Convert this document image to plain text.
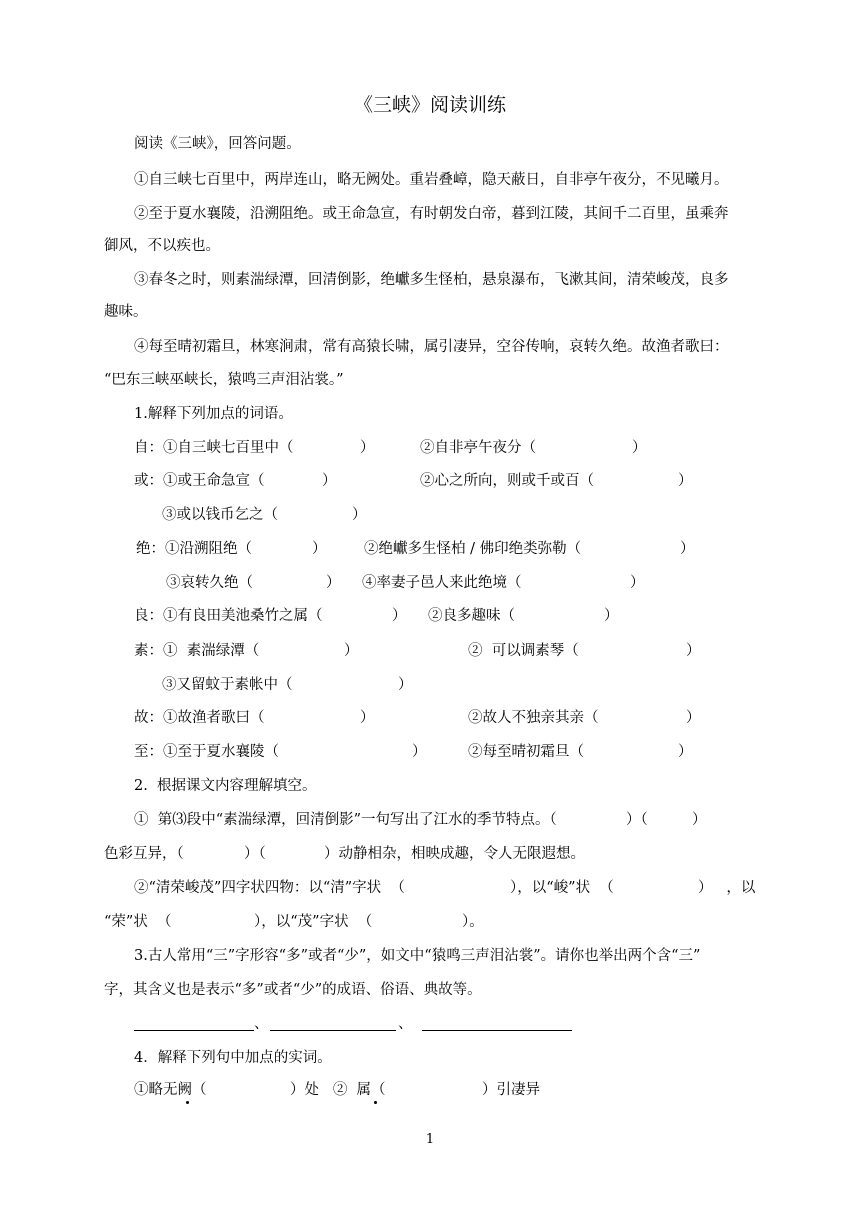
《三峡》阅读训练
阅读《三峡》，回答问题。
①自三峡七百里中，两岸连山，略无阙处。重岩叠嶂，隐天蔽日，自非亭午夜分，不见曦月。
②至于夏水襄陵，沿溯阻绝。或王命急宣，有时朝发白帝，暮到江陵，其间千二百里，虽乘奔
御风，不以疾也。
③春冬之时，则素湍绿潭，回清倒影，绝巘多生怪柏，悬泉瀑布，飞漱其间，清荣峻茂，良多
趣味。
④每至晴初霜旦，林寒涧肃，常有高猿长啸，属引凄异，空谷传响，哀转久绝。故渔者歌曰：
“巴东三峡巫峡长，猿鸣三声泪沾裳。”
1.解释下列加点的词语。
自：①自三峡七百里中（	）	②自非亭午夜分（	）
或：①或王命急宣（	）	②心之所向，则或千或百（	）
③或以钱币乞之（	）
绝：①沿溯阻绝（	）	②绝巘多生怪柏 / 佛印绝类弥勒（	）
③哀转久绝（	） ④率妻子邑人来此绝境（	）
良：①有良田美池桑竹之属（	） ②良多趣味（	）
素：①  素湍绿潭（	）	②  可以调素琴（	）
③又留蚊于素帐中（	）
故：①故渔者歌曰（	）	②故人不独亲其亲（	）
至：①至于夏水襄陵（	）	②每至晴初霜旦（	）
2.  根据课文内容理解填空。
①  第⑶段中“素湍绿潭，回清倒影”一句写出了江水的季节特点。（	）（	）
色彩互异，（	）（	）动静相杂，相映成趣，令人无限遐想。
②“清荣峻茂”四字状四物：以“清”字状  （	），以“峻”状  （	）   ，以
“荣”状  （	），以“茂”字状  （	）。
3.古人常用“三”字形容“多”或者“少”，如文中“猿鸣三声泪沾裳”。请你也举出两个含“三”
字，其含义也是表示“多”或者“少”的成语、俗语、典故等。
、	、
4．解释下列句中加点的实词。
①略无阙（	）处   ②  属（	）引凄异
1
